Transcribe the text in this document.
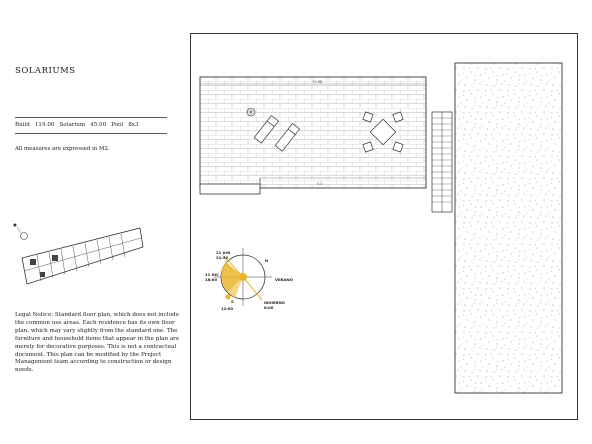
SOLARIUMS
Build 119.00 Solarium 45.00 Pool 8x3
All measures are expressed in M2.
Legal Notice: Standard floor plan, which does not include the common use areas. Each residence has its own floor plan, which may vary slightly from the standard one. The furniture and household items that appear in the plan are merely for decorative purposes. This is not a contractual document. This plan can be modified by the Project Management team according to construction or design needs.
10.68
5.2
N
S
21 JUN
21:30
21 DIC
18:00
12:00
VERANO
INVIERNO
8:00
